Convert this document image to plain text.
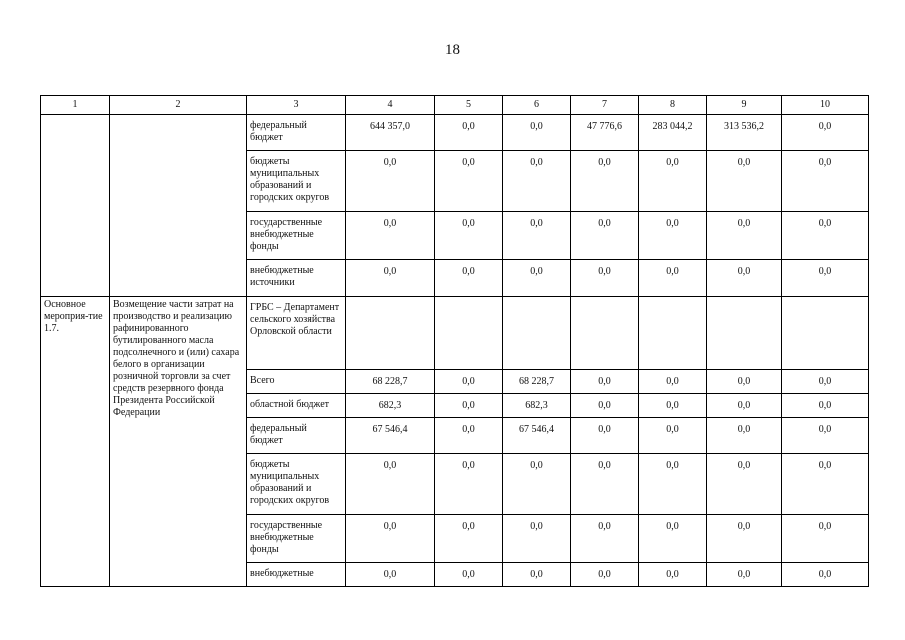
18
1	2	3	4	5	6	7	8	9	10
		федеральный бюджет	644 357,0	0,0	0,0	47 776,6	283 044,2	313 536,2	0,0
		бюджеты муниципальных образований и городских округов	0,0	0,0	0,0	0,0	0,0	0,0	0,0
		государственные внебюджетные фонды	0,0	0,0	0,0	0,0	0,0	0,0	0,0
		внебюджетные источники	0,0	0,0	0,0	0,0	0,0	0,0	0,0
Основное мероприя-тие 1.7.	Возмещение части затрат на производство и реализацию рафинированного бутилированного масла подсолнечного и (или) сахара белого в организации розничной торговли за счет средств резервного фонда Президента Российской Федерации	ГРБС – Департамент сельского хозяйства Орловской области							
		Всего	68 228,7	0,0	68 228,7	0,0	0,0	0,0	0,0
		областной бюджет	682,3	0,0	682,3	0,0	0,0	0,0	0,0
		федеральный бюджет	67 546,4	0,0	67 546,4	0,0	0,0	0,0	0,0
		бюджеты муниципальных образований и городских округов	0,0	0,0	0,0	0,0	0,0	0,0	0,0
		государственные внебюджетные фонды	0,0	0,0	0,0	0,0	0,0	0,0	0,0
		внебюджетные	0,0	0,0	0,0	0,0	0,0	0,0	0,0
